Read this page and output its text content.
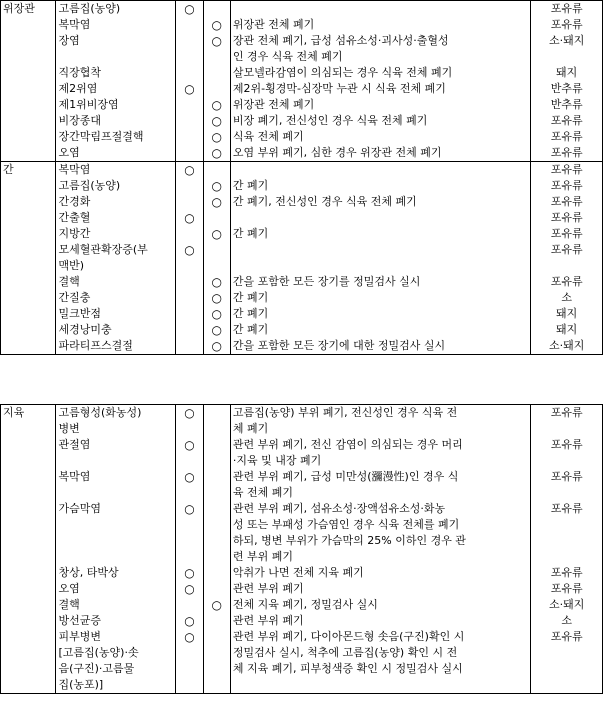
위장관	고름집(농양)	○			포유류
	복막염		○	위장관 전체 폐기	포유류
	장염		○	장관 전체 폐기, 급성 섬유소성·괴사성·출혈성
인 경우 식육 전체 폐기	소·돼지
	직장협착			살모넬라감염이 의심되는 경우 식육 전체 폐기	돼지
	제2위염	○		제2위-횡경막-심장막 누관 시 식육 전체 폐기	반추류
	제1위비장염		○	위장관 전체 폐기	반추류
	비장종대		○	비장 폐기, 전신성인 경우 식육 전체 폐기	포유류
	장간막림프절결핵		○	식육 전체 폐기	포유류
	오염		○	오염 부위 폐기, 심한 경우 위장관 전체 폐기	포유류
간	복막염	○			포유류
	고름집(농양)		○	간 폐기	포유류
	간경화		○	간 폐기, 전신성인 경우 식육 전체 폐기	포유류
	간출혈	○			포유류
	지방간		○	간 폐기	포유류
	모세혈관확장증(부
맥반)	○			포유류
	결핵		○	간을 포함한 모든 장기를 정밀검사 실시	포유류
	간질충		○	간 폐기	소
	밀크반점		○	간 폐기	돼지
	세경낭미충		○	간 폐기	돼지
	파라티프스결절		○	간을 포함한 모든 장기에 대한 정밀검사 실시	소·돼지
지육	고름형성(화농성)
병변	○		고름집(농양) 부위 폐기, 전신성인 경우 식육 전
체 폐기	포유류
	관절염	○		관련 부위 폐기, 전신 감염이 의심되는 경우 머리
·지육 및 내장 폐기	포유류
	복막염	○		관련 부위 폐기, 급성 미만성(瀰漫性)인 경우 식
육 전체 폐기	포유류
	가슴막염	○		관련 부위 폐기, 섬유소성·장액섬유소성·화농
성 또는 부패성 가슴염인 경우 식육 전체를 폐기
하되, 병변 부위가 가슴막의 25% 이하인 경우 관
련 부위 폐기	포유류
	창상, 타박상	○		악취가 나면 전체 지육 폐기	포유류
	오염	○		관련 부위 폐기	포유류
	결핵		○	전체 지육 폐기, 정밀검사 실시	소·돼지
	방선균증	○		관련 부위 폐기	소
	피부병변
[고름집(농양)·솟
음(구진)·고름물
집(농포)]	○		관련 부위 폐기, 다이아몬드형 솟음(구진)확인 시
정밀검사 실시, 척추에 고름집(농양) 확인 시 전
체 지육 폐기, 피부청색증 확인 시 정밀검사 실시	포유류
